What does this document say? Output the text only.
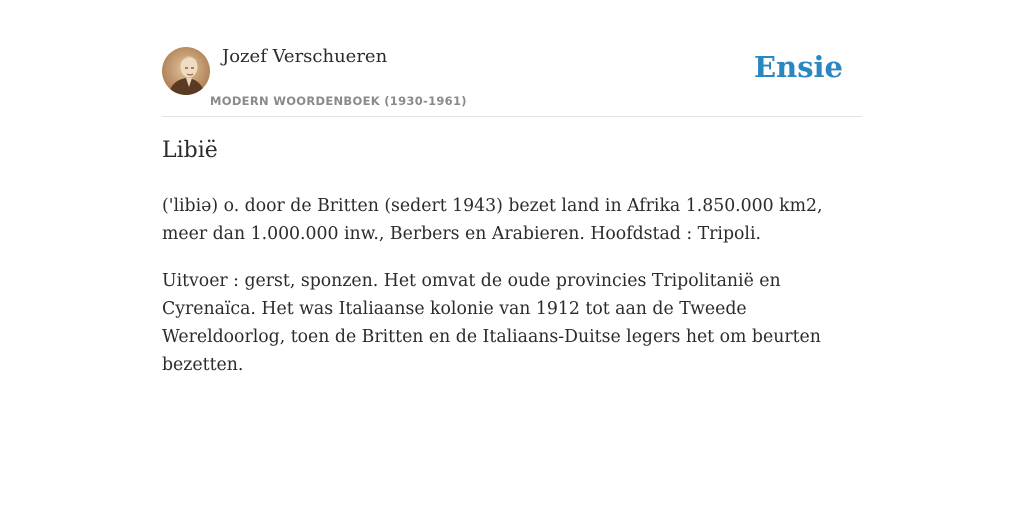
Jozef Verschueren
MODERN WOORDENBOEK (1930-1961)
Ensie
Libië

('libiə) o. door de Britten (sedert 1943) bezet land in Afrika 1.850.000 km2, meer dan 1.000.000 inw., Berbers en Arabieren. Hoofdstad : Tripoli.

Uitvoer : gerst, sponzen. Het omvat de oude provincies Tripolitanië en Cyrenaïca. Het was Italiaanse kolonie van 1912 tot aan de Tweede Wereldoorlog, toen de Britten en de Italiaans-Duitse legers het om beurten bezetten.
